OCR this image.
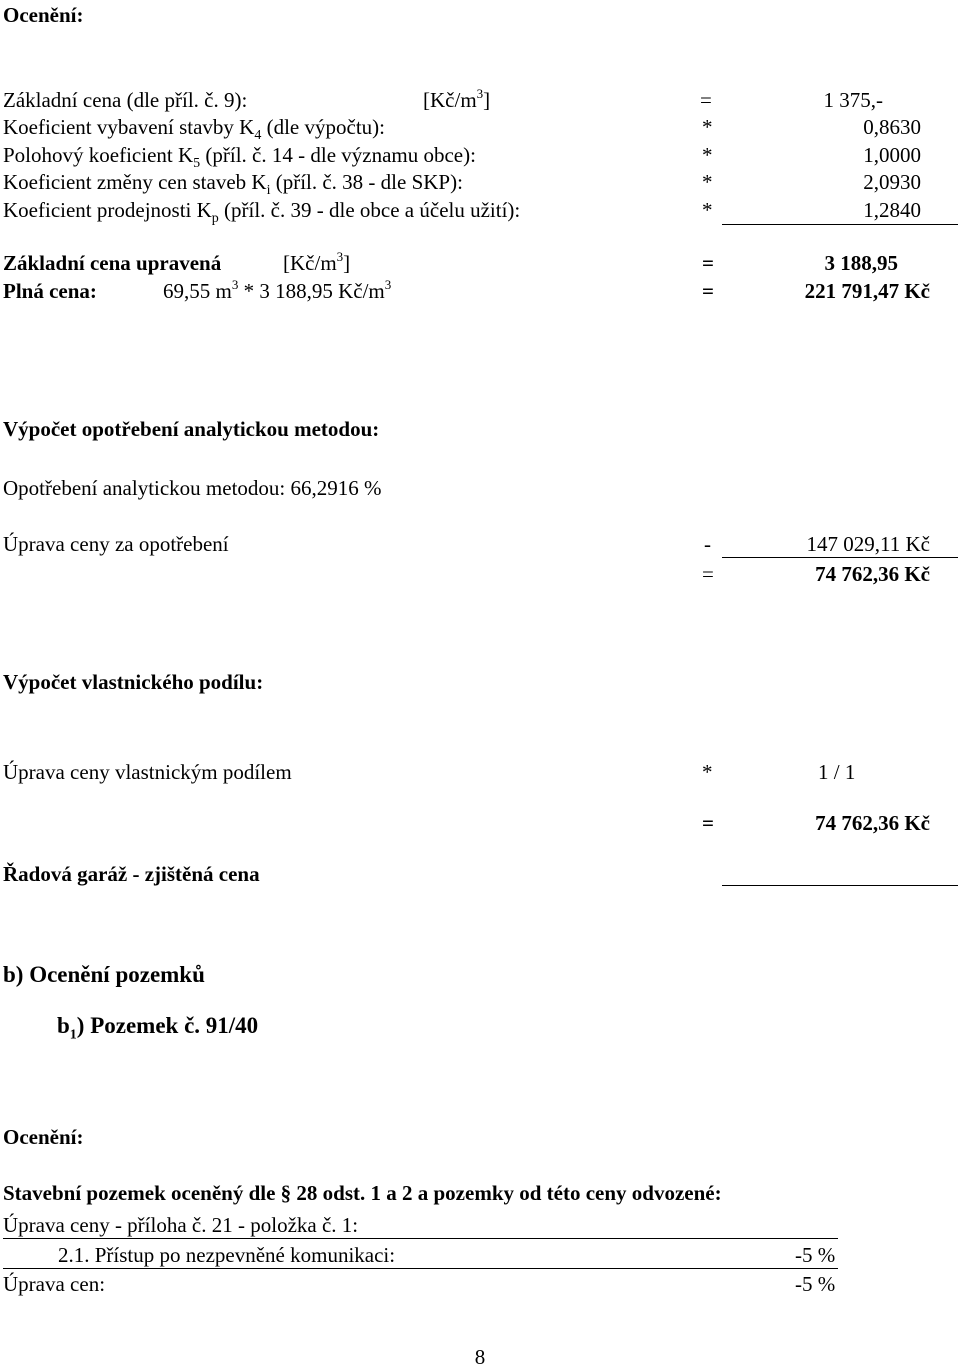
Ocenění:
Základní cena (dle příl. č. 9):	$[Kč/m^3]$	=	1 375,-
Koeficient vybavení stavby $K_4$ (dle výpočtu):	*	0,8630
Polohový koeficient $K_5$ (příl. č. 14 - dle významu obce):	*	1,0000
Koeficient změny cen staveb $K_i$ (příl. č. 38 - dle SKP):	*	2,0930
Koeficient prodejnosti $K_p$ (příl. č. 39 - dle obce a účelu užití):	*	1,2840
Základní cena upravená	$[Kč/m^3]$	=	3 188,95
Plná cena:	69,55 $m^3 * 3$ 188,95 $Kč/m^3$	=	221 791,47 Kč
Výpočet opotřebení analytickou metodou:
Opotřebení analytickou metodou: 66,2916 %
Úprava ceny za opotřebení	-	147 029,11 Kč
=	74 762,36 Kč
Výpočet vlastnického podílu:
Úprava ceny vlastnickým podílem	*	1 / 1
=	74 762,36 Kč
Řadová garáž - zjištěná cena
b) Ocenění pozemků
$b_1$) Pozemek č. 91/40
Ocenění:
Stavební pozemek oceněný dle § 28 odst. 1 a 2 a pozemky od této ceny odvozené:
Úprava ceny - příloha č. 21 - položka č. 1:
2.1. Přístup po nezpevněné komunikaci:	-5 %
Úprava cen:	-5 %
8
